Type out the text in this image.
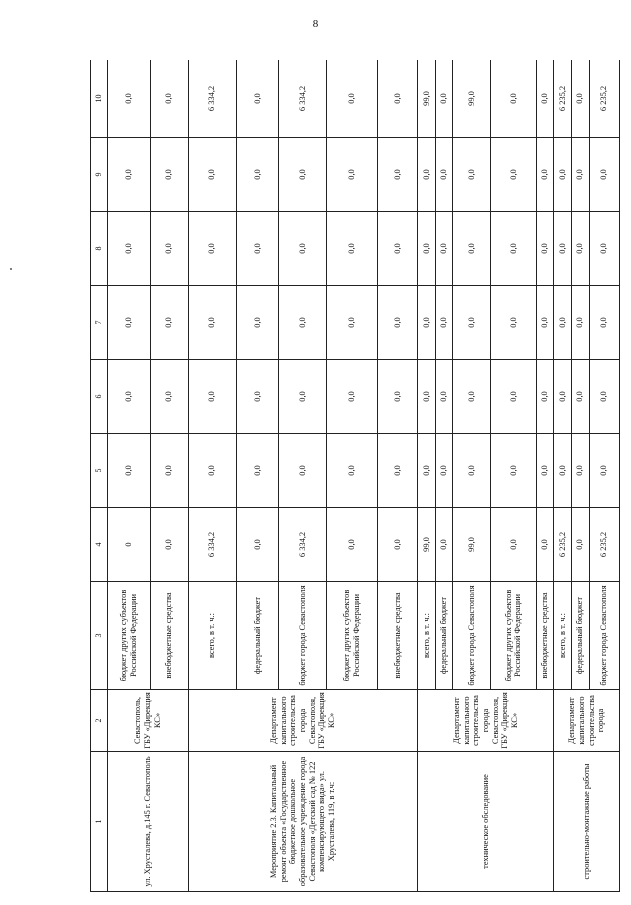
8
1	2	3	4	5	6	7	8	9	10
ул. Хрусталева, д.145 г. Севастополь	Севастополь, ГБУ «Дирекция КС»	бюджет других субъектов Российской Федерации	0	0,0	0,0	0,0	0,0	0,0	0,0
		внебюджетные средства	0,0	0,0	0,0	0,0	0,0	0,0	0,0
Мероприятие 2.3. Капитальный ремонт объекта «Государственное бюджетное дошкольное образовательное учреждение города Севастополя «Детский сад № 122 компенсирующего вида» ул. Хрусталева, 119, в т.ч:	Департамент капитального строительства города Севастополя, ГБУ «Дирекция КС»	всего, в т. ч.:	6 334,2	0,0	0,0	0,0	0,0	0,0	6 334,2
		федеральный бюджет	0,0	0,0	0,0	0,0	0,0	0,0	0,0
		бюджет города Севастополя	6 334,2	0,0	0,0	0,0	0,0	0,0	6 334,2
		бюджет других субъектов Российской Федерации	0,0	0,0	0,0	0,0	0,0	0,0	0,0
		внебюджетные средства	0,0	0,0	0,0	0,0	0,0	0,0	0,0
техническое обследование	Департамент капитального строительства города Севастополя, ГБУ «Дирекция КС»	всего, в т. ч.:	99,0	0,0	0,0	0,0	0,0	0,0	99,0
		федеральный бюджет	0,0	0,0	0,0	0,0	0,0	0,0	0,0
		бюджет города Севастополя	99,0	0,0	0,0	0,0	0,0	0,0	99,0
		бюджет других субъектов Российской Федерации	0,0	0,0	0,0	0,0	0,0	0,0	0,0
		внебюджетные средства	0,0	0,0	0,0	0,0	0,0	0,0	0,0
строительно-монтажные работы	Департамент капитального строительства города	всего, в т. ч.:	6 235,2	0,0	0,0	0,0	0,0	0,0	6 235,2
		федеральный бюджет	0,0	0,0	0,0	0,0	0,0	0,0	0,0
		бюджет города Севастополя	6 235,2	0,0	0,0	0,0	0,0	0,0	6 235,2
